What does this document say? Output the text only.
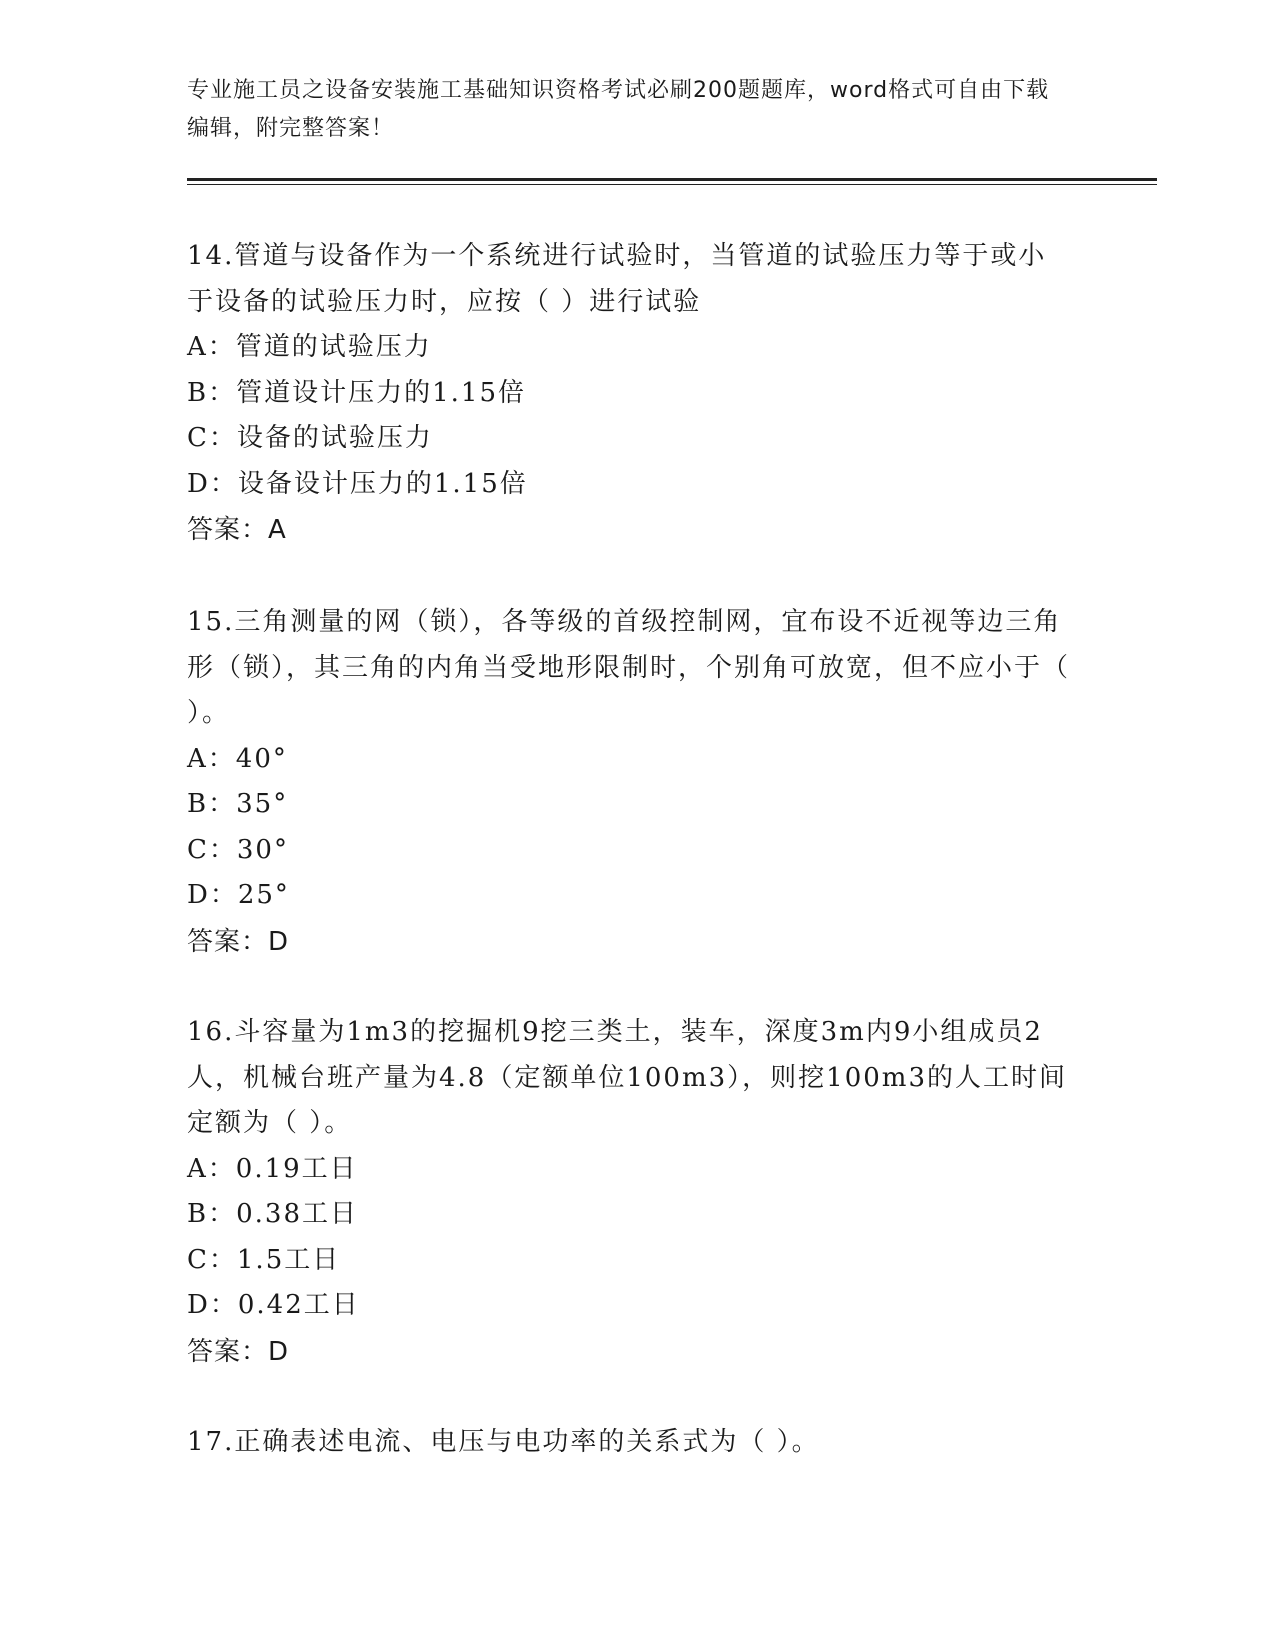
专业施工员之设备安装施工基础知识资格考试必刷200题题库，word格式可自由下载编辑，附完整答案！

14.管道与设备作为一个系统进行试验时，当管道的试验压力等于或小于设备的试验压力时，应按（ ）进行试验

A：管道的试验压力

B：管道设计压力的1.15倍

C：设备的试验压力

D：设备设计压力的1.15倍

答案：A

15.三角测量的网（锁），各等级的首级控制网，宜布设不近视等边三角形（锁），其三角的内角当受地形限制时，个别角可放宽，但不应小于（ ）。

A：40°

B：35°

C：30°

D：25°

答案：D

16.斗容量为1m3的挖掘机9挖三类土，装车，深度3m内9小组成员2人，机械台班产量为4.8（定额单位100m3），则挖100m3的人工时间定额为（ ）。

A：0.19工日

B：0.38工日

C：1.5工日

D：0.42工日

答案：D

17.正确表述电流、电压与电功率的关系式为（ ）。
